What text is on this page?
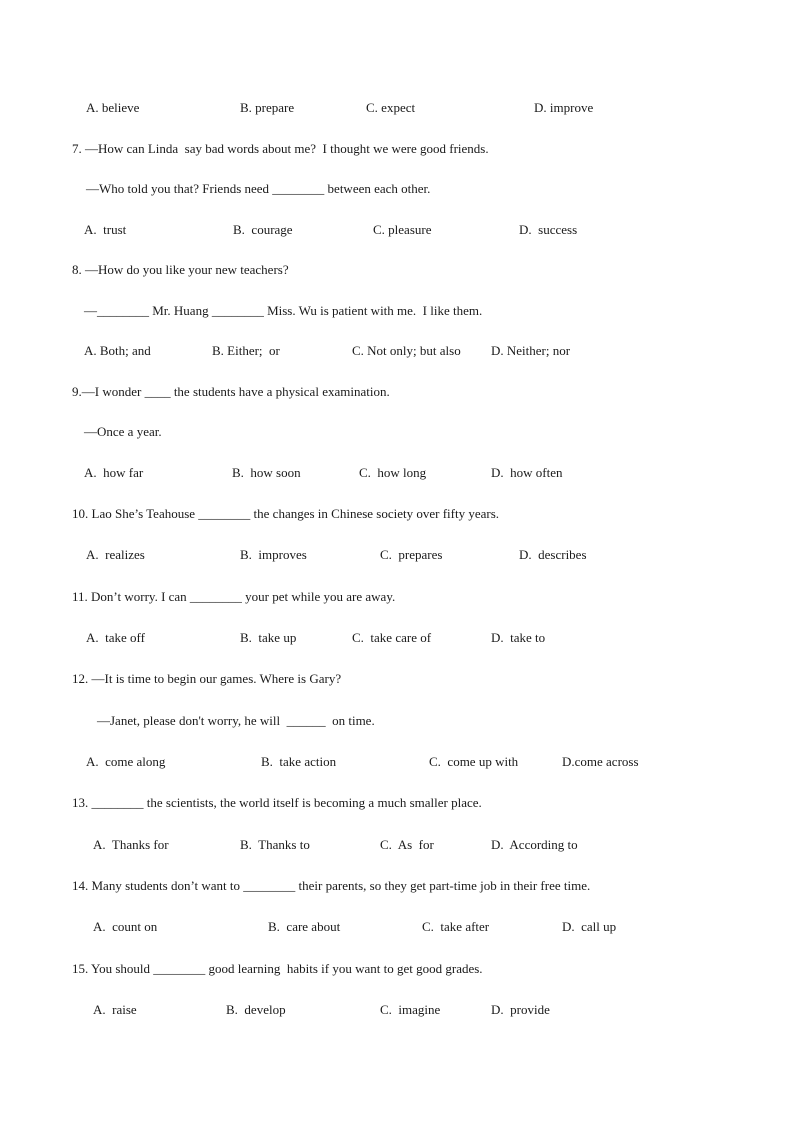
A. believe	B. prepare	C. expect	D. improve
7. —How can Linda  say bad words about me?  I thought we were good friends.
—Who told you that? Friends need ________ between each other.
A.  trust	B.  courage	C. pleasure	D.  success
8. —How do you like your new teachers?
—________ Mr. Huang ________ Miss. Wu is patient with me.  I like them.
A. Both; and	B. Either;  or	C. Not only; but also D. Neither; nor
9.—I wonder ____ the students have a physical examination.
—Once a year.
A.  how far	B.  how soon	C.  how long	D.  how often
10. Lao She’s Teahouse ________ the changes in Chinese society over fifty years.
A.  realizes	B.  improves	C.  prepares	D.  describes
11. Don’t worry. I can ________ your pet while you are away.
A.  take off	B.  take up	C.  take care of	D.  take to
12. —It is time to begin our games. Where is Gary?
—Janet, please don't worry, he will  ______  on time.
A.  come along	B.  take action	C.  come up with	D.come across
13. ________ the scientists, the world itself is becoming a much smaller place.
A.  Thanks for	B.  Thanks to	C.  As  for	D.  According to
14. Many students don’t want to ________ their parents, so they get part-time job in their free time.
A.  count on	B.  care about	C.  take after	D.  call up
15. You should ________ good learning  habits if you want to get good grades.
A.  raise	B.  develop	C.  imagine	D.  provide
